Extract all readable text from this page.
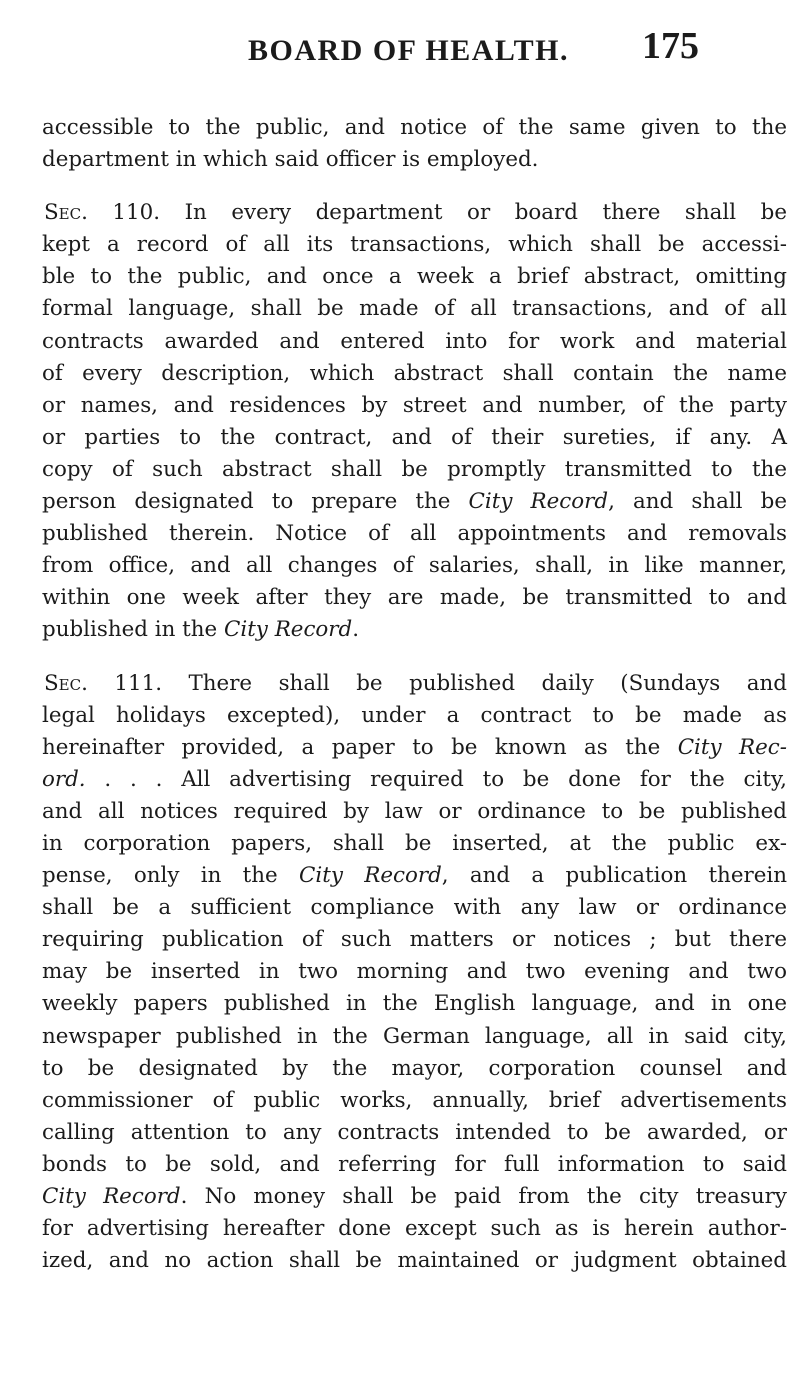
BOARD OF HEALTH. 175

accessible to the public, and notice of the same given to the
department in which said officer is employed.

Sec. 110. In every department or board there shall be
kept a record of all its transactions, which shall be accessi-
ble to the public, and once a week a brief abstract, omitting
formal language, shall be made of all transactions, and of all
contracts awarded and entered into for work and material
of every description, which abstract shall contain the name
or names, and residences by street and number, of the party
or parties to the contract, and of their sureties, if any. A
copy of such abstract shall be promptly transmitted to the
person designated to prepare the City Record, and shall be
published therein. Notice of all appointments and removals
from office, and all changes of salaries, shall, in like manner,
within one week after they are made, be transmitted to and
published in the City Record.

Sec. 111. There shall be published daily (Sundays and
legal holidays excepted), under a contract to be made as
hereinafter provided, a paper to be known as the City Rec-
ord. . . . All advertising required to be done for the city,
and all notices required by law or ordinance to be published
in corporation papers, shall be inserted, at the public ex-
pense, only in the City Record, and a publication therein
shall be a sufficient compliance with any law or ordinance
requiring publication of such matters or notices ; but there
may be inserted in two morning and two evening and two
weekly papers published in the English language, and in one
newspaper published in the German language, all in said city,
to be designated by the mayor, corporation counsel and
commissioner of public works, annually, brief advertisements
calling attention to any contracts intended to be awarded, or
bonds to be sold, and referring for full information to said
City Record. No money shall be paid from the city treasury
for advertising hereafter done except such as is herein author-
ized, and no action shall be maintained or judgment obtained
